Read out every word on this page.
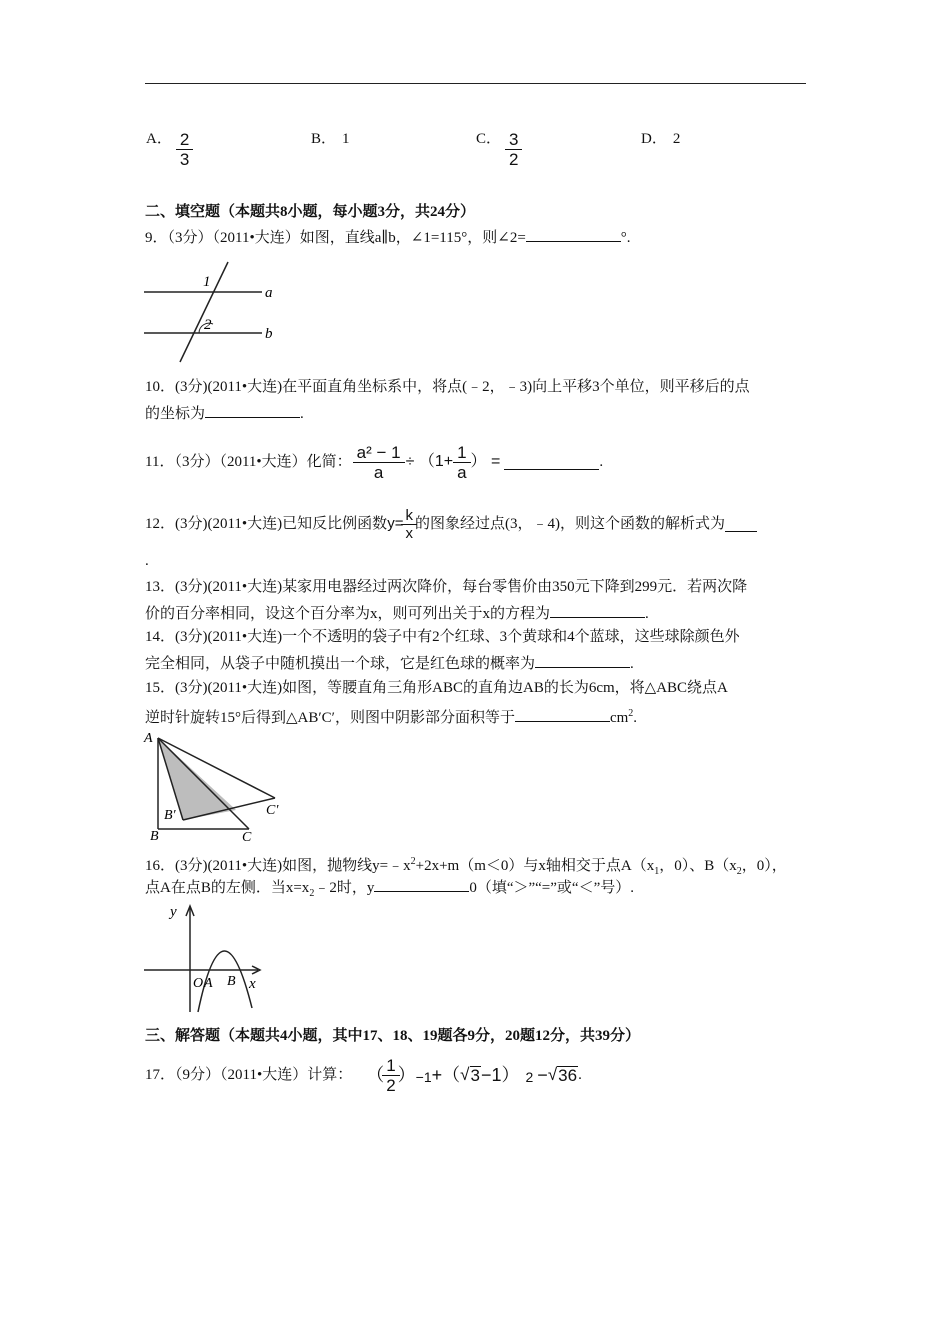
A． $\frac{2}{3}$	B． 1	C． $\frac{3}{2}$	D． 2
二、填空题（本题共8小题，每小题3分，共24分）
9．（3分）（2011•大连）如图，直线a∥b，∠1=115°，则∠2=	°.
1
2
a
b
10．(3分)(2011•大连)在平面直角坐标系中，将点(﹣2，﹣3)向上平移3个单位，则平移后的点
的坐标为	.
11．（3分）（2011•大连）化简： $\frac{\text{a² − 1}}{a} \div (1+ \frac{1}{a}$ ） =	.
12．(3分)(2011•大连)已知反比例函数 $y= \frac{k}{x}$ 的图象经过点(3，﹣4)，则这个函数的解析式为
.
13．(3分)(2011•大连)某家用电器经过两次降价，每台零售价由350元下降到299元．若两次降
价的百分率相同，设这个百分率为x，则可列出关于x的方程为	.
14．(3分)(2011•大连)一个不透明的袋子中有2个红球、3个黄球和4个蓝球，这些球除颜色外
完全相同，从袋子中随机摸出一个球，它是红色球的概率为	.
15．(3分)(2011•大连)如图，等腰直角三角形ABC的直角边AB的长为6cm，将△ABC绕点A
逆时针旋转15°后得到△AB′C′，则图中阴影部分面积等于	$cm^2$.
A
B	C
B′	C′
16．(3分)(2011•大连)如图，抛物线$y=﹣x^2+2x+m(m<0)$与x轴相交于点$A(x_1$，0）、$B(x_2$，0），
点A在点B的左侧．当$x=x_2﹣2$时，y	0（填“＞”“=”或“＜”号）.
y
x
O A B
三、解答题（本题共4小题，其中17、18、19题各9分，20题12分，共39分）
17．（9分）（2011•大连）计算： （ $\frac{1}{2}$ ） −1 +（ √ 3 −1） 2 − √ 36 .
